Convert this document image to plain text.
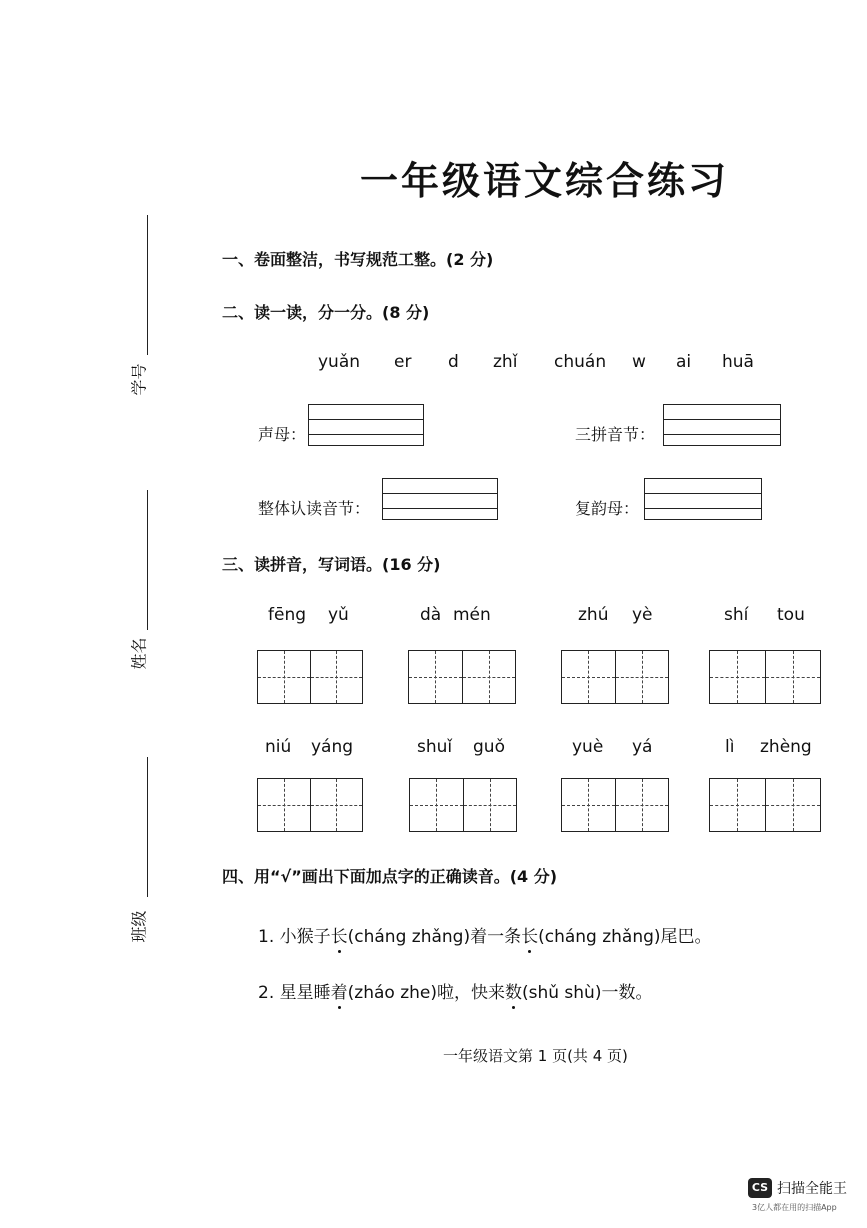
一年级语文综合练习
学号
姓名
班级
一、卷面整洁，书写规范工整。(2 分)
二、读一读，分一分。(8 分)
yuǎn er d zhǐ chuán w ai huā
声母：	三拼音节：
整体认读音节：	复韵母：
三、读拼音，写词语。(16 分)
fēng yǔ	dà mén	zhú yè	shí tou
niú yáng	shuǐ guǒ	yuè yá	lì zhèng
四、用“√”画出下面加点字的正确读音。(4 分)
1. 小猴子长(cháng zhǎng)着一条长(cháng zhǎng)尾巴。
2. 星星睡着(zháo zhe)啦，快来数(shǔ shù)一数。
一年级语文第 1 页(共 4 页)
CS 扫描全能王
3亿人都在用的扫描App
